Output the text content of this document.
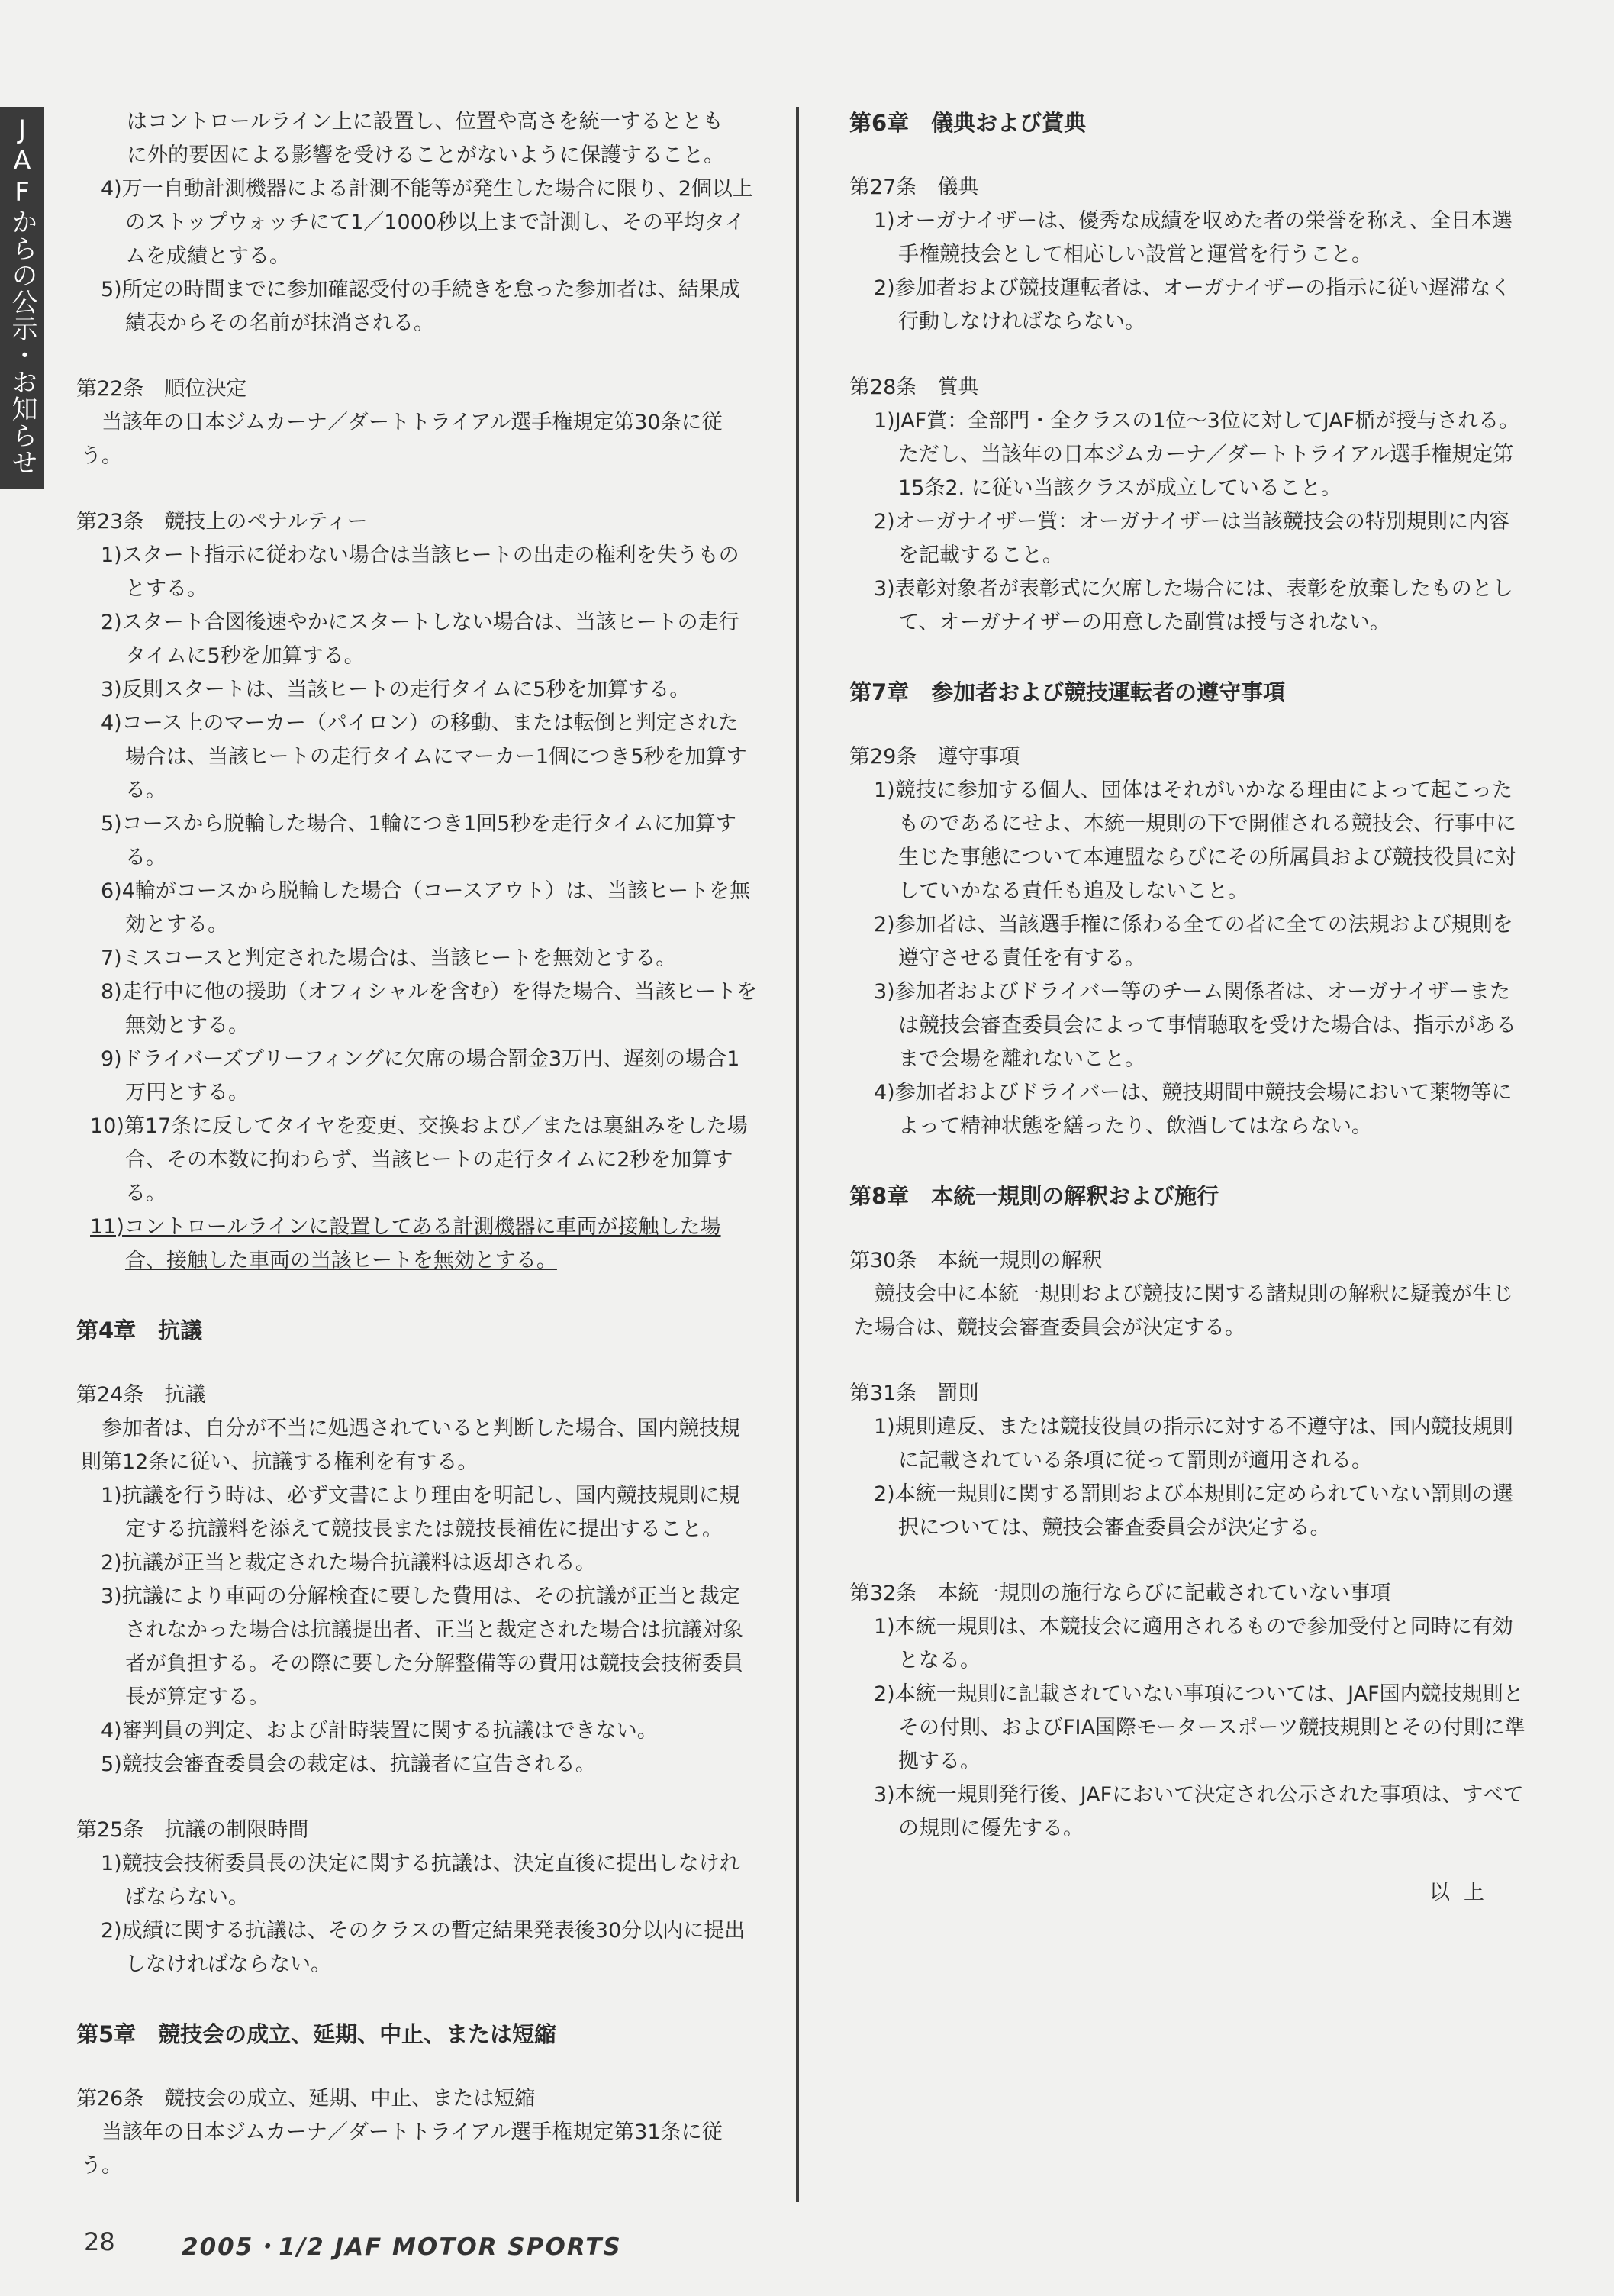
JAFからの公示・お知らせ	はコントロールライン上に設置し、位置や高さを統一するととも
に外的要因による影響を受けることがないように保護すること。
4)万一自動計測機器による計測不能等が発生した場合に限り、2個以上のストップウォッチにて1／1000秒以上まで計測し、その平均タイムを成績とする。
5)所定の時間までに参加確認受付の手続きを怠った参加者は、結果成績表からその名前が抹消される。
第22条　順位決定
当該年の日本ジムカーナ／ダートトライアル選手権規定第30条に従う。
第23条　競技上のペナルティー
1)スタート指示に従わない場合は当該ヒートの出走の権利を失うものとする。
2)スタート合図後速やかにスタートしない場合は、当該ヒートの走行タイムに5秒を加算する。
3)反則スタートは、当該ヒートの走行タイムに5秒を加算する。
4)コース上のマーカー（パイロン）の移動、または転倒と判定された場合は、当該ヒートの走行タイムにマーカー1個につき5秒を加算する。
5)コースから脱輪した場合、1輪につき1回5秒を走行タイムに加算する。
6)4輪がコースから脱輪した場合（コースアウト）は、当該ヒートを無効とする。
7)ミスコースと判定された場合は、当該ヒートを無効とする。
8)走行中に他の援助（オフィシャルを含む）を得た場合、当該ヒートを無効とする。
9)ドライバーズブリーフィングに欠席の場合罰金3万円、遅刻の場合1万円とする。
10)第17条に反してタイヤを変更、交換および／または裏組みをした場合、その本数に拘わらず、当該ヒートの走行タイムに2秒を加算する。
11)コントロールラインに設置してある計測機器に車両が接触した場合、接触した車両の当該ヒートを無効とする。
第4章　抗議
第24条　抗議
参加者は、自分が不当に処遇されていると判断した場合、国内競技規則第12条に従い、抗議する権利を有する。
1)抗議を行う時は、必ず文書により理由を明記し、国内競技規則に規定する抗議料を添えて競技長または競技長補佐に提出すること。
2)抗議が正当と裁定された場合抗議料は返却される。
3)抗議により車両の分解検査に要した費用は、その抗議が正当と裁定されなかった場合は抗議提出者、正当と裁定された場合は抗議対象者が負担する。その際に要した分解整備等の費用は競技会技術委員長が算定する。
4)審判員の判定、および計時装置に関する抗議はできない。
5)競技会審査委員会の裁定は、抗議者に宣告される。
第25条　抗議の制限時間
1)競技会技術委員長の決定に関する抗議は、決定直後に提出しなければならない。
2)成績に関する抗議は、そのクラスの暫定結果発表後30分以内に提出しなければならない。
第5章　競技会の成立、延期、中止、または短縮
第26条　競技会の成立、延期、中止、または短縮
当該年の日本ジムカーナ／ダートトライアル選手権規定第31条に従う。
第6章　儀典および賞典
第27条　儀典
1)オーガナイザーは、優秀な成績を収めた者の栄誉を称え、全日本選手権競技会として相応しい設営と運営を行うこと。
2)参加者および競技運転者は、オーガナイザーの指示に従い遅滞なく行動しなければならない。
第28条　賞典
1)JAF賞：全部門・全クラスの1位〜3位に対してJAF楯が授与される。ただし、当該年の日本ジムカーナ／ダートトライアル選手権規定第15条2. に従い当該クラスが成立していること。
2)オーガナイザー賞：オーガナイザーは当該競技会の特別規則に内容を記載すること。
3)表彰対象者が表彰式に欠席した場合には、表彰を放棄したものとして、オーガナイザーの用意した副賞は授与されない。
第7章　参加者および競技運転者の遵守事項
第29条　遵守事項
1)競技に参加する個人、団体はそれがいかなる理由によって起こったものであるにせよ、本統一規則の下で開催される競技会、行事中に生じた事態について本連盟ならびにその所属員および競技役員に対していかなる責任も追及しないこと。
2)参加者は、当該選手権に係わる全ての者に全ての法規および規則を遵守させる責任を有する。
3)参加者およびドライバー等のチーム関係者は、オーガナイザーまたは競技会審査委員会によって事情聴取を受けた場合は、指示があるまで会場を離れないこと。
4)参加者およびドライバーは、競技期間中競技会場において薬物等によって精神状態を繕ったり、飲酒してはならない。
第8章　本統一規則の解釈および施行
第30条　本統一規則の解釈
競技会中に本統一規則および競技に関する諸規則の解釈に疑義が生じた場合は、競技会審査委員会が決定する。
第31条　罰則
1)規則違反、または競技役員の指示に対する不遵守は、国内競技規則に記載されている条項に従って罰則が適用される。
2)本統一規則に関する罰則および本規則に定められていない罰則の選択については、競技会審査委員会が決定する。
第32条　本統一規則の施行ならびに記載されていない事項
1)本統一規則は、本競技会に適用されるもので参加受付と同時に有効となる。
2)本統一規則に記載されていない事項については、JAF国内競技規則とその付則、およびFIA国際モータースポーツ競技規則とその付則に準拠する。
3)本統一規則発行後、JAFにおいて決定され公示された事項は、すべての規則に優先する。
以上
28	2005・1/2 JAF MOTOR SPORTS
